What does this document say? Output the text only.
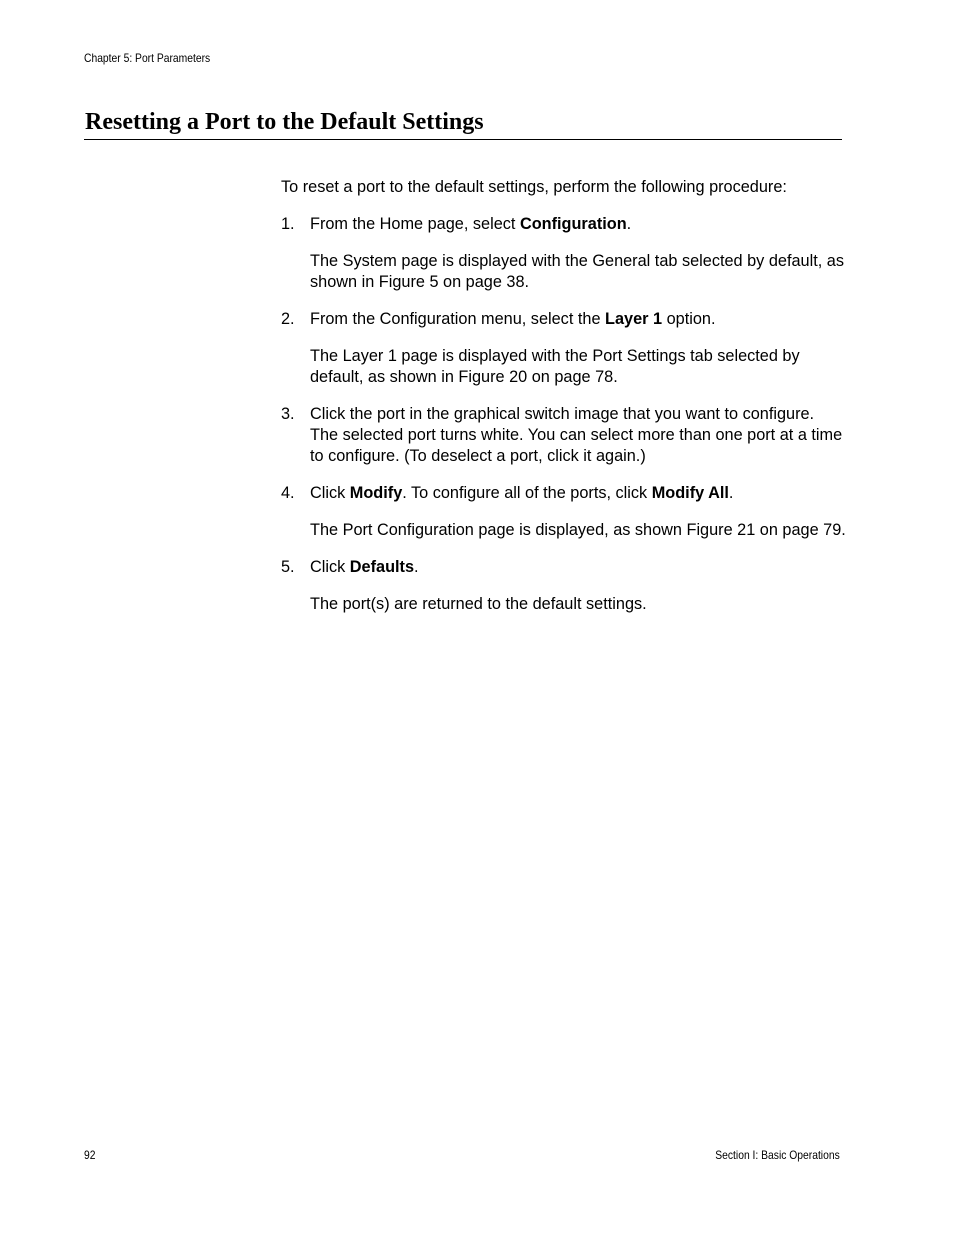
Chapter 5: Port Parameters
Resetting a Port to the Default Settings

To reset a port to the default settings, perform the following procedure:

1. From the Home page, select Configuration.

The System page is displayed with the General tab selected by default, as shown in Figure 5 on page 38.

2. From the Configuration menu, select the Layer 1 option.

The Layer 1 page is displayed with the Port Settings tab selected by default, as shown in Figure 20 on page 78.

3. Click the port in the graphical switch image that you want to configure. The selected port turns white. You can select more than one port at a time to configure. (To deselect a port, click it again.)
4. Click Modify. To configure all of the ports, click Modify All.

The Port Configuration page is displayed, as shown Figure 21 on page 79.

5. Click Defaults.

The port(s) are returned to the default settings.

92	Section I: Basic Operations
